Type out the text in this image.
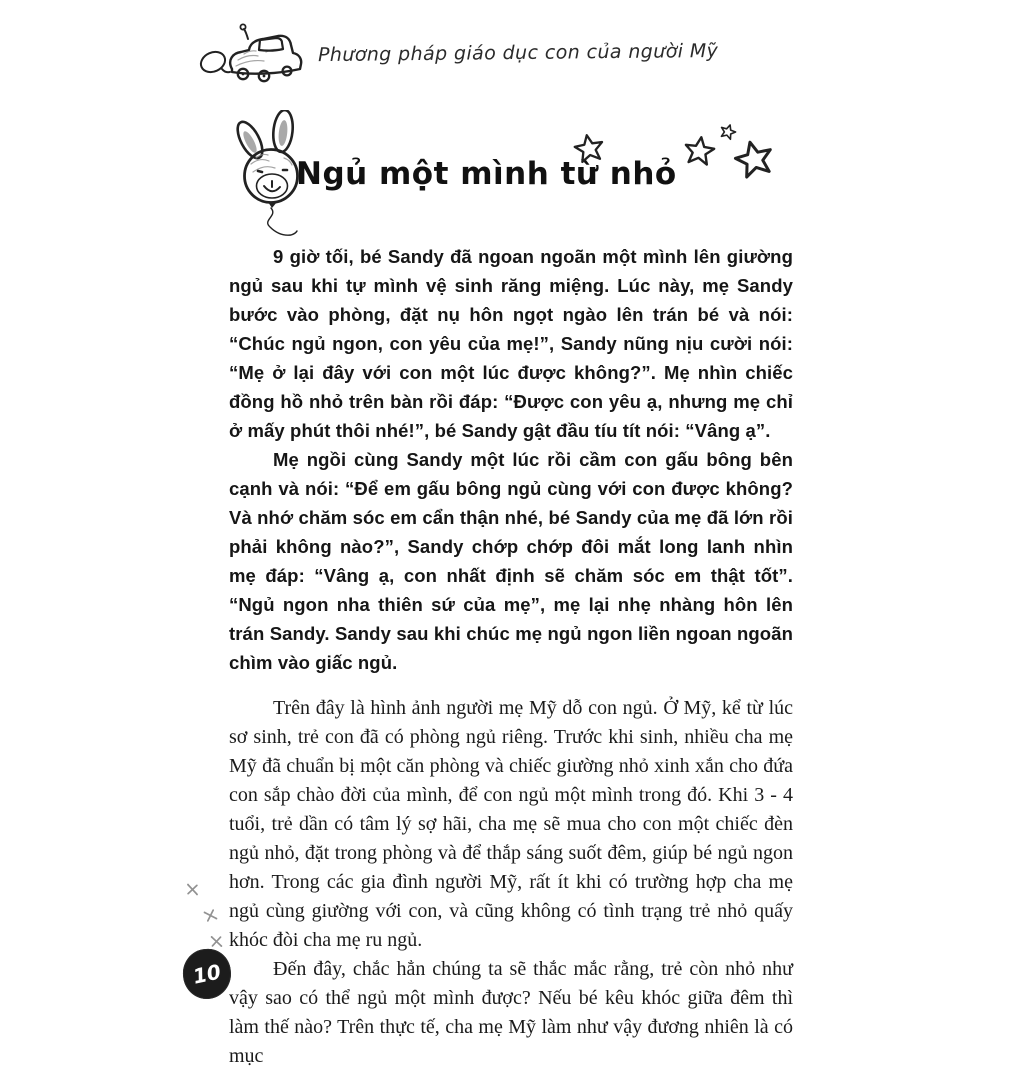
Phương pháp giáo dục con của người Mỹ
Ngủ một mình từ nhỏ

9 giờ tối, bé Sandy đã ngoan ngoãn một mình lên giường ngủ sau khi tự mình vệ sinh răng miệng. Lúc này, mẹ Sandy bước vào phòng, đặt nụ hôn ngọt ngào lên trán bé và nói: “Chúc ngủ ngon, con yêu của mẹ!”, Sandy nũng nịu cười nói: “Mẹ ở lại đây với con một lúc được không?”. Mẹ nhìn chiếc đồng hồ nhỏ trên bàn rồi đáp: “Được con yêu ạ, nhưng mẹ chỉ ở mấy phút thôi nhé!”, bé Sandy gật đầu tíu tít nói: “Vâng ạ”.

Mẹ ngồi cùng Sandy một lúc rồi cầm con gấu bông bên cạnh và nói: “Để em gấu bông ngủ cùng với con được không? Và nhớ chăm sóc em cẩn thận nhé, bé Sandy của mẹ đã lớn rồi phải không nào?”, Sandy chớp chớp đôi mắt long lanh nhìn mẹ đáp: “Vâng ạ, con nhất định sẽ chăm sóc em thật tốt”. “Ngủ ngon nha thiên sứ của mẹ”, mẹ lại nhẹ nhàng hôn lên trán Sandy. Sandy sau khi chúc mẹ ngủ ngon liền ngoan ngoãn chìm vào giấc ngủ.

Trên đây là hình ảnh người mẹ Mỹ dỗ con ngủ. Ở Mỹ, kể từ lúc sơ sinh, trẻ con đã có phòng ngủ riêng. Trước khi sinh, nhiều cha mẹ Mỹ đã chuẩn bị một căn phòng và chiếc giường nhỏ xinh xắn cho đứa con sắp chào đời của mình, để con ngủ một mình trong đó. Khi 3 - 4 tuổi, trẻ dần có tâm lý sợ hãi, cha mẹ sẽ mua cho con một chiếc đèn ngủ nhỏ, đặt trong phòng và để thắp sáng suốt đêm, giúp bé ngủ ngon hơn. Trong các gia đình người Mỹ, rất ít khi có trường hợp cha mẹ ngủ cùng giường với con, và cũng không có tình trạng trẻ nhỏ quấy khóc đòi cha mẹ ru ngủ.

Đến đây, chắc hẳn chúng ta sẽ thắc mắc rằng, trẻ còn nhỏ như vậy sao có thể ngủ một mình được? Nếu bé kêu khóc giữa đêm thì làm thế nào? Trên thực tế, cha mẹ Mỹ làm như vậy đương nhiên là có mục

10
